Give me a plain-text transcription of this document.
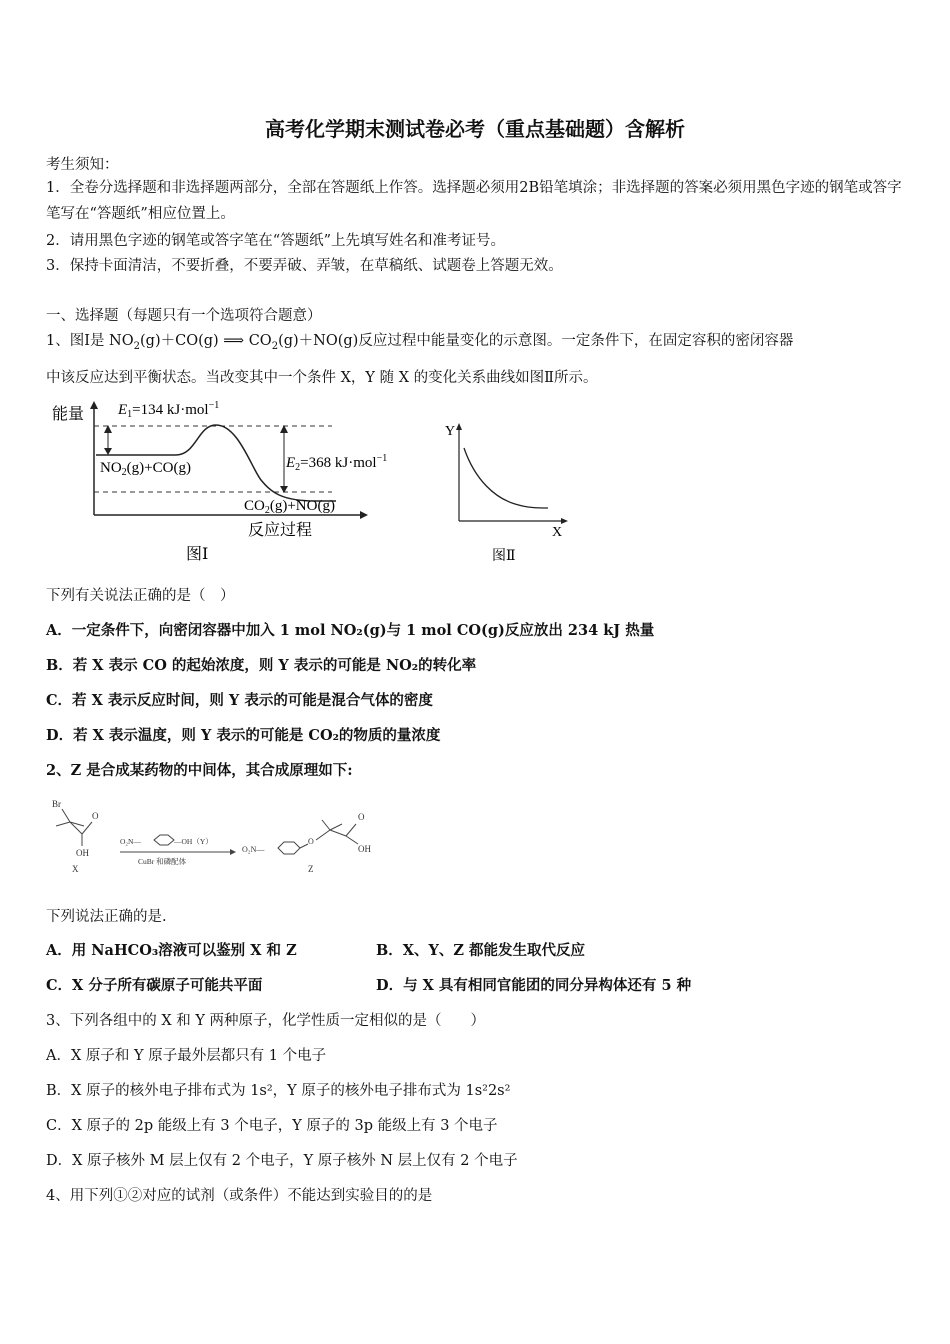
高考化学期末测试卷必考（重点基础题）含解析
考生须知：
1．全卷分选择题和非选择题两部分，全部在答题纸上作答。选择题必须用2B铅笔填涂；非选择题的答案必须用黑色字迹的钢笔或答字笔写在“答题纸”相应位置上。
2．请用黑色字迹的钢笔或答字笔在“答题纸”上先填写姓名和准考证号。
3．保持卡面清洁，不要折叠，不要弄破、弄皱，在草稿纸、试题卷上答题无效。
一、选择题（每题只有一个选项符合题意）
1、图Ⅰ是 $NO_2(g)+CO(g)$ ⟹ $CO_2(g)+NO(g)$反应过程中能量变化的示意图。一定条件下，在固定容积的密闭容器
中该反应达到平衡状态。当改变其中一个条件 X，Y 随 X 的变化关系曲线如图Ⅱ所示。
能量 $E_1=134$ kJ·mol$^{-1}$
$E_2=368$ kJ·mol$^{-1}$
$NO_2(g)+CO(g)$
$CO_2(g)+NO(g)$
反应过程
图Ⅰ
Y
X
图Ⅱ
下列有关说法正确的是（　）
A．一定条件下，向密闭容器中加入 1 mol NO₂(g)与 1 mol CO(g)反应放出 234 kJ 热量
B．若 X 表示 CO 的起始浓度，则 Y 表示的可能是 NO₂的转化率
C．若 X 表示反应时间，则 Y 表示的可能是混合气体的密度
D．若 X 表示温度，则 Y 表示的可能是 CO₂的物质的量浓度
2、Z 是合成某药物的中间体，其合成原理如下:
Br
O
OH
X
O₂N—	—OH（Y）
CuBr 和磷配体
O₂N—
O
O
OH
Z
下列说法正确的是.
A．用 NaHCO₃溶液可以鉴别 X 和 Z	B．X、Y、Z 都能发生取代反应
C．X 分子所有碳原子可能共平面	D．与 X 具有相同官能团的同分异构体还有 5 种
3、下列各组中的 X 和 Y 两种原子，化学性质一定相似的是（　　）
A．X 原子和 Y 原子最外层都只有 1 个电子
B．X 原子的核外电子排布式为 1s²，Y 原子的核外电子排布式为 1s²2s²
C．X 原子的 2p 能级上有 3 个电子，Y 原子的 3p 能级上有 3 个电子
D．X 原子核外 M 层上仅有 2 个电子，Y 原子核外 N 层上仅有 2 个电子
4、用下列①②对应的试剂（或条件）不能达到实验目的的是
